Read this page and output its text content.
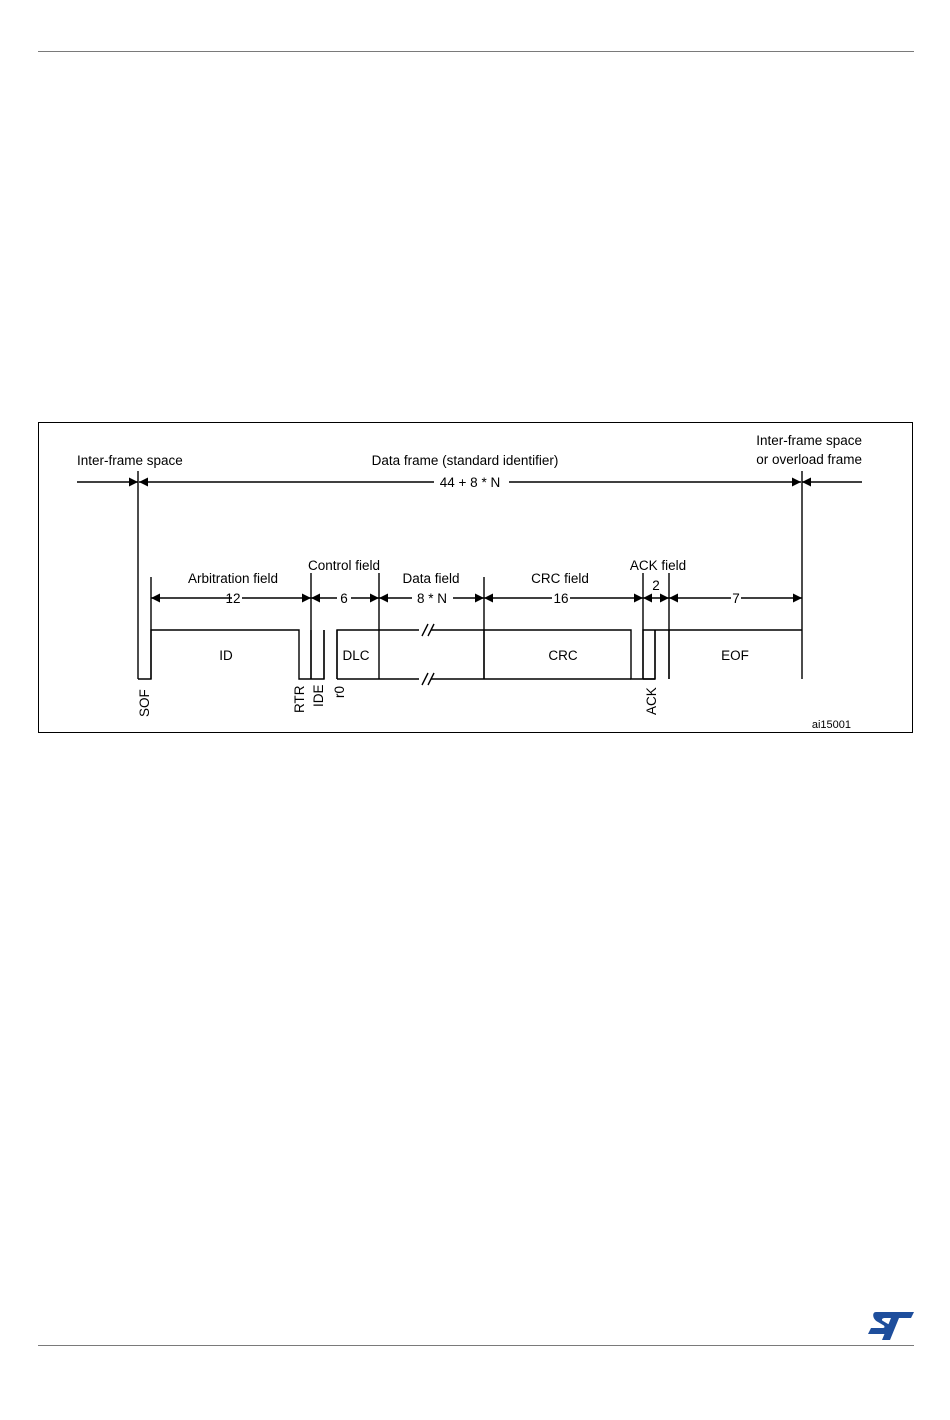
Inter-frame space	Data frame (standard identifier)
44 + 8 * N
Inter-frame space
or overload frame
Arbitration field
Control field
Data field	CRC field
ACK field
12	6	8 * N	16
2
7
ID	DLC	CRC	EOF
SOF	RTR IDE r0	ACK
ai15001
